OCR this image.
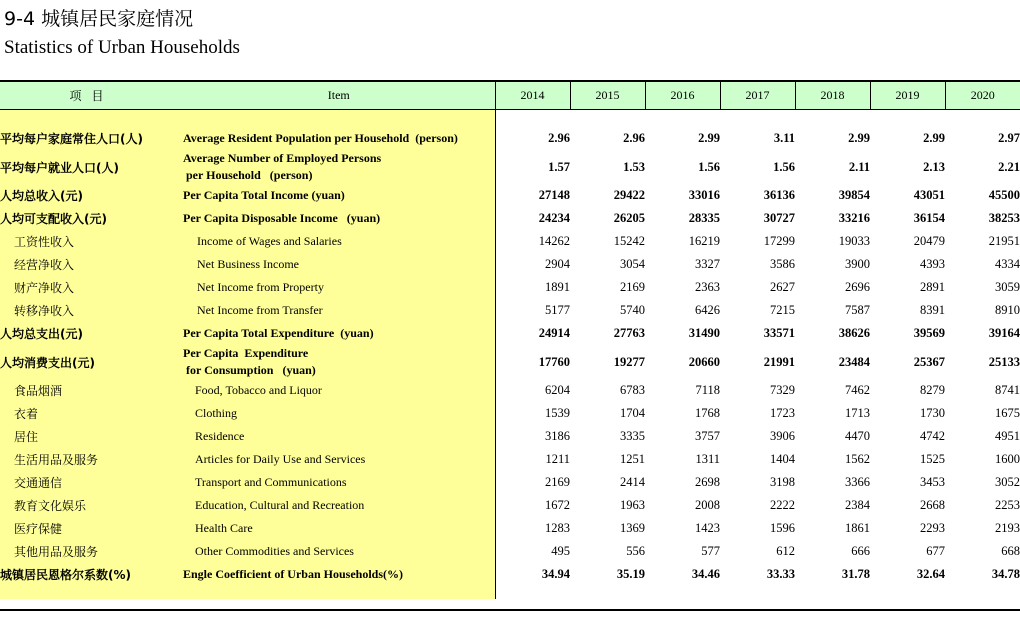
9-4 城镇居民家庭情况
Statistics of Urban Households
项目	Item	2014	2015	2016	2017	2018	2019	2020

平均每户家庭常住人口(人)	Average Resident Population per Household  (person)	2.96	2.96	2.99	3.11	2.99	2.99	2.97
平均每户就业人口(人)	Average Number of Employed Persons
per Household   (person)	1.57	1.53	1.56	1.56	2.11	2.13	2.21
人均总收入(元)	Per Capita Total Income (yuan)	27148	29422	33016	36136	39854	43051	45500
人均可支配收入(元)	Per Capita Disposable Income   (yuan)	24234	26205	28335	30727	33216	36154	38253
工资性收入	Income of Wages and Salaries	14262	15242	16219	17299	19033	20479	21951
经营净收入	Net Business Income	2904	3054	3327	3586	3900	4393	4334
财产净收入	Net Income from Property	1891	2169	2363	2627	2696	2891	3059
转移净收入	Net Income from Transfer	5177	5740	6426	7215	7587	8391	8910
人均总支出(元)	Per Capita Total Expenditure  (yuan)	24914	27763	31490	33571	38626	39569	39164
人均消费支出(元)	Per Capita  Expenditure
for Consumption   (yuan)	17760	19277	20660	21991	23484	25367	25133
食品烟酒	Food, Tobacco and Liquor	6204	6783	7118	7329	7462	8279	8741
衣着	Clothing	1539	1704	1768	1723	1713	1730	1675
居住	Residence	3186	3335	3757	3906	4470	4742	4951
生活用品及服务	Articles for Daily Use and Services	1211	1251	1311	1404	1562	1525	1600
交通通信	Transport and Communications	2169	2414	2698	3198	3366	3453	3052
教育文化娱乐	Education, Cultural and Recreation	1672	1963	2008	2222	2384	2668	2253
医疗保健	Health Care	1283	1369	1423	1596	1861	2293	2193
其他用品及服务	Other Commodities and Services	495	556	577	612	666	677	668
城镇居民恩格尔系数(%)	Engle Coefficient of Urban Households(%)	34.94	35.19	34.46	33.33	31.78	32.64	34.78
